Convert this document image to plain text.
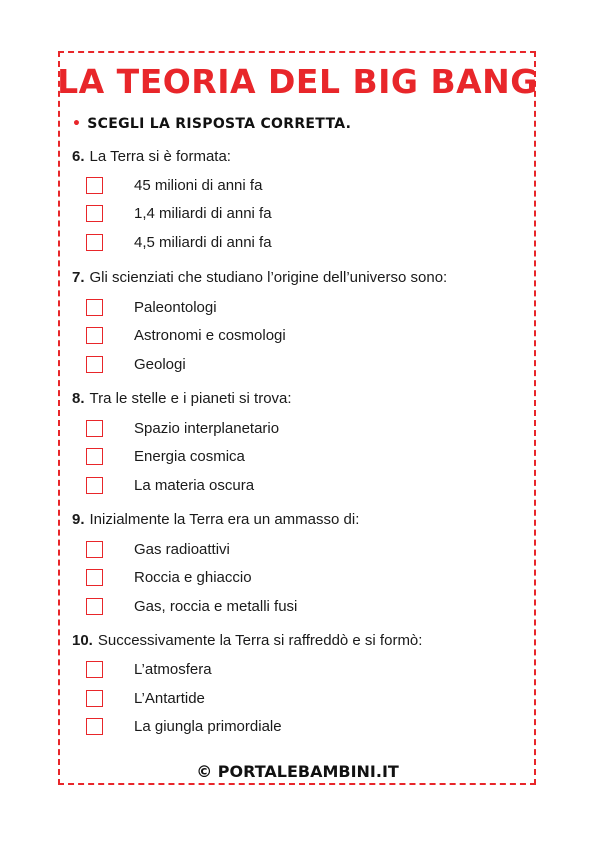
LA TEORIA DEL BIG BANG
• SCEGLI LA RISPOSTA CORRETTA.
6. La Terra si è formata:
45 milioni di anni fa
1,4 miliardi di anni fa
4,5 miliardi di anni fa
7. Gli scienziati che studiano l’origine dell’universo sono:
Paleontologi
Astronomi e cosmologi
Geologi
8. Tra le stelle e i pianeti si trova:
Spazio interplanetario
Energia cosmica
La materia oscura
9. Inizialmente la Terra era un ammasso di:
Gas radioattivi
Roccia e ghiaccio
Gas, roccia e metalli fusi
10. Successivamente la Terra si raffreddò e si formò:
L’atmosfera
L’Antartide
La giungla primordiale
© PORTALEBAMBINI.IT
